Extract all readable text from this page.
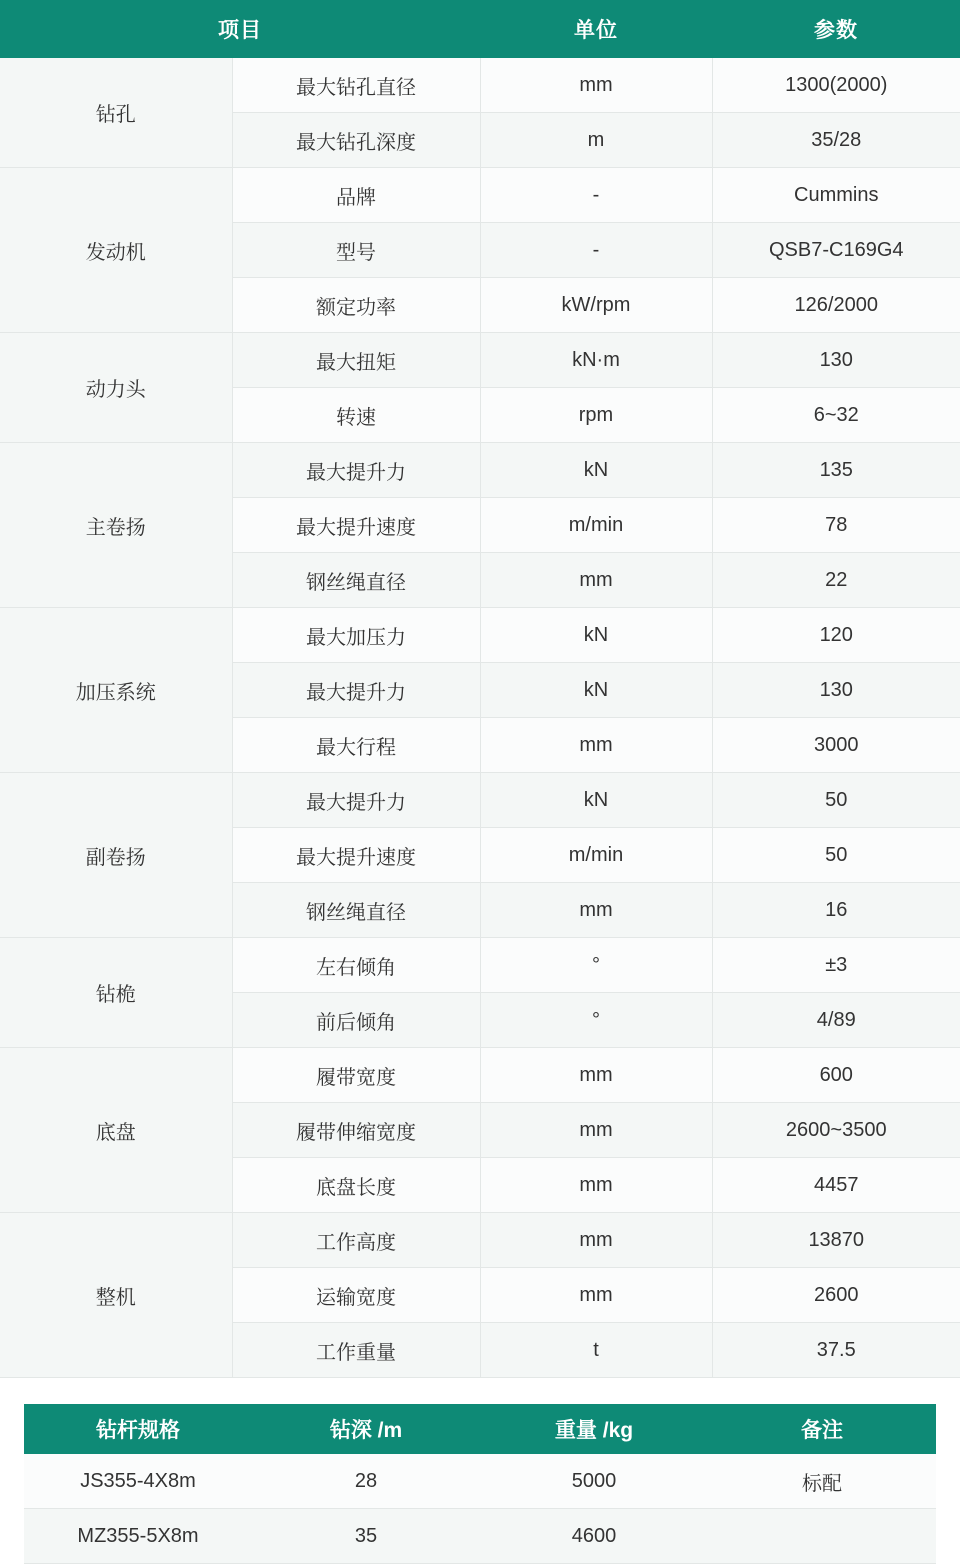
项目		单位	参数
钻孔	最大钻孔直径	mm	1300(2000)
	最大钻孔深度	m	35/28
发动机	品牌	-	Cummins
	型号	-	QSB7-C169G4
	额定功率	kW/rpm	126/2000
动力头	最大扭矩	kN·m	130
	转速	rpm	6~32
主卷扬	最大提升力	kN	135
	最大提升速度	m/min	78
	钢丝绳直径	mm	22
加压系统	最大加压力	kN	120
	最大提升力	kN	130
	最大行程	mm	3000
副卷扬	最大提升力	kN	50
	最大提升速度	m/min	50
	钢丝绳直径	mm	16
钻桅	左右倾角	°	±3
	前后倾角	°	4/89
底盘	履带宽度	mm	600
	履带伸缩宽度	mm	2600~3500
	底盘长度	mm	4457
整机	工作高度	mm	13870
	运输宽度	mm	2600
	工作重量	t	37.5
钻杆规格	钻深 /m	重量 /kg	备注
JS355-4X8m	28	5000	标配
MZ355-5X8m	35	4600	
